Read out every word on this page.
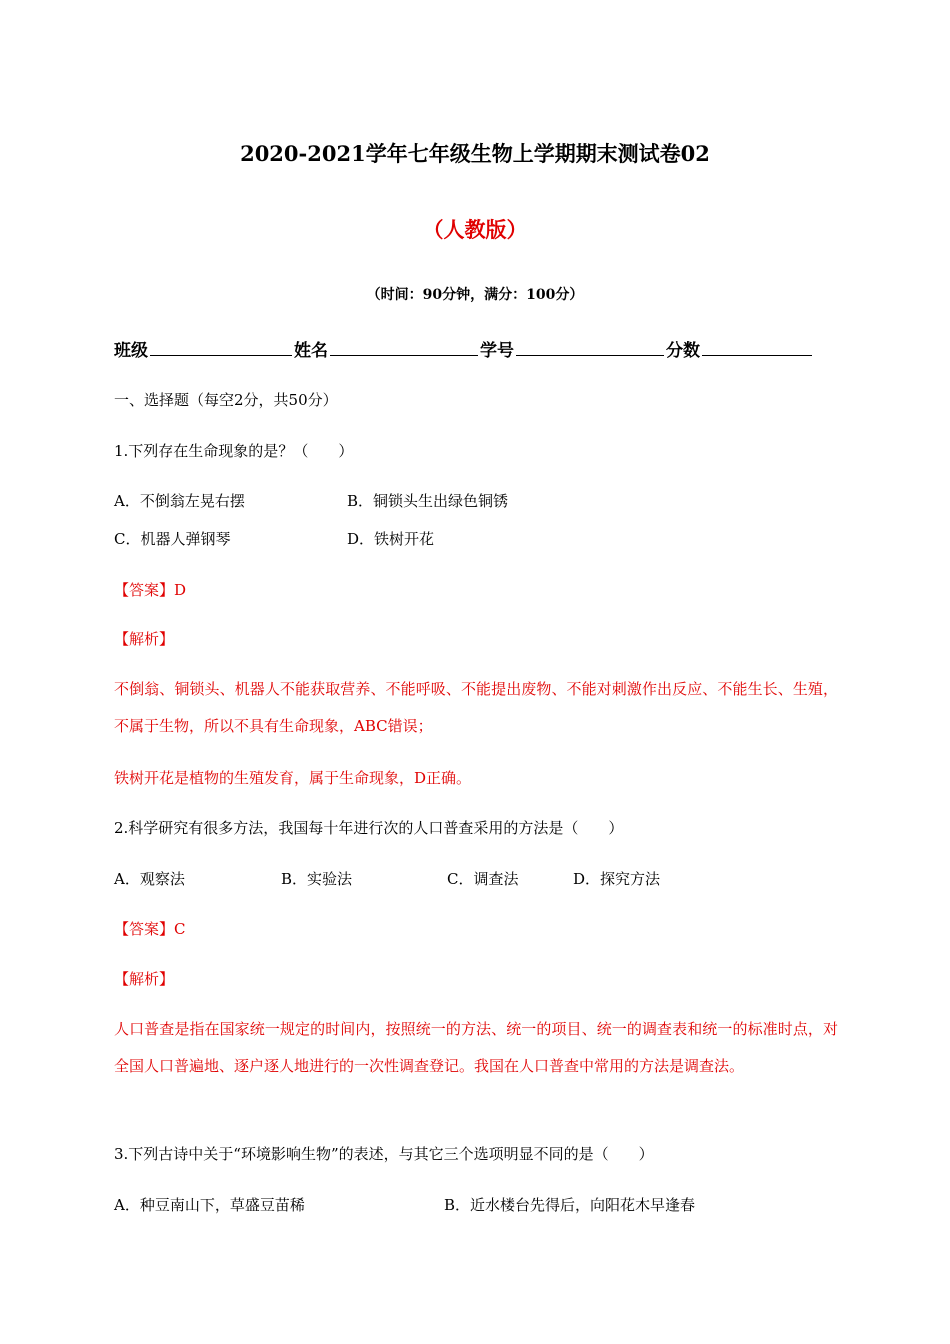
2020-2021学年七年级生物上学期期末测试卷02
（人教版）
（时间：90分钟，满分：100分）
班级	姓名	学号	分数
一、选择题（每空2分，共50分）
1.下列存在生命现象的是？（　　）
A．不倒翁左晃右摆	B．铜锁头生出绿色铜锈
C．机器人弹钢琴	D．铁树开花
【答案】D
【解析】
不倒翁、铜锁头、机器人不能获取营养、不能呼吸、不能提出废物、不能对刺激作出反应、不能生长、生殖，不属于生物，所以不具有生命现象，ABC错误；
铁树开花是植物的生殖发育，属于生命现象，D正确。
2.科学研究有很多方法，我国每十年进行次的人口普查采用的方法是（　　）
A．观察法	B．实验法	C．调查法	D．探究方法
【答案】C
【解析】
人口普查是指在国家统一规定的时间内，按照统一的方法、统一的项目、统一的调查表和统一的标准时点，对全国人口普遍地、逐户逐人地进行的一次性调查登记。我国在人口普查中常用的方法是调查法。
3.下列古诗中关于“环境影响生物”的表述，与其它三个选项明显不同的是（　　）
A．种豆南山下，草盛豆苗稀	B．近水楼台先得后，向阳花木早逢春
